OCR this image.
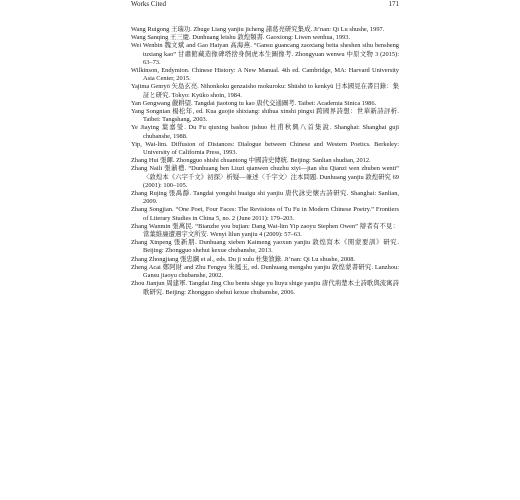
Works Cited	171

Wang Ruigong 王瑞功. Zhuge Liang yanjiu jicheng 諸葛亮研究集成. Ji’nan: Qi Lu shushe, 1997.

Wang Sanqing 王三慶. Dunhuang leishu 敦煌類書. Gaoxiong: Liwen wenhua, 1993.

Wei Wenbin 魏文斌 and Gao Haiyan 高海燕. “Gansu guancang zaoxiang beita sheshen sihu bensheng tuxiang kao” 甘肅館藏造像碑塔捨身飼虎本生圖像考. Zhongyuan wenwu 中原文物 3 (2015): 63–73.

Wilkinson, Endymion. Chinese History: A New Manual. 4th ed. Cambridge, MA: Harvard University Asia Center, 2015.

Yajima Genryō 矢島玄亮. Nihonkoku genzaisho mokuroku: Shūshō to kenkyū 日本國見在書目錄：集証と研究. Tokyo: Kyūko shoin, 1984.

Yan Gengwang 嚴耕望. Tangdai jiaotong tu kao 唐代交通圖考. Taibei: Academia Sinica 1986.

Yang Songnian 楊松年, ed. Kua guojie shixiang: shihua xinshi pingxi 跨國界詩想：世華新詩評析. Taibei: Tangshang, 2003.

Ye Jiaying 葉嘉瑩. Du Fu qiuxing bashou jishuo 杜甫秋興八首集說. Shanghai: Shanghai guji chubanshe, 1988.

Yip, Wai-lim. Diffusion of Distances: Dialogue between Chinese and Western Poetics. Berkeley: University of California Press, 1993.

Zhang Hui 張暉. Zhongguo shishi chuantong 中國詩史傳統. Beijing: Sanlian shudian, 2012.

Zhang Naili 張鼐禮. “Dunhuang ben Liuzi qianwen chuzhu xiyi—jian shu Qianzi wen zhuben wenti” 〈敦煌本《六字千文》初探〉析疑—兼述〈千字文〉注本問題. Dunhuang yanjiu 敦煌研究 69 (2001): 100–105.

Zhang Rujing 張禹靜. Tangdai yongshi huaigu shi yanjiu 唐代詠史懷古詩研究. Shanghai: Sanlian, 2009.

Zhang Songjian. “One Poet, Four Faces: The Revisions of Tu Fu in Modern Chinese Poetry.” Frontiers of Literary Studies in China 5, no. 2 (June 2011): 179–203.

Zhang Wanmin 張萬民. “Bianzhe you bujian: Dang Wai-lim Yip zaoyu Stephen Owen” 辯者有不見：當葉維廉遭遇宇文所安. Wenyi lilun yanjiu 4 (2009): 57–63.

Zhang Xinpeng 張新朋. Dunhuang xieben Kaimeng yaoxun yanjiu 敦煌寫本《開蒙要訓》研究. Beijing: Zhongguo shehui kexue chubanshe, 2013.

Zhang Zhongjiang 張忠綱 et al., eds. Du ji xulu 杜集敘錄. Ji’nan: Qi Lu shushe, 2008.

Zheng Acai 鄭阿財 and Zhu Fengyu 朱鳳玉, ed. Dunhuang mengshu yanjiu 敦煌蒙書研究. Lanzhou: Gansu jiaoyu chubanshe, 2002.

Zhou Jianjun 周建軍. Tangdai Jing Chu bentu shige yu liuyu shige yanjiu 唐代荊楚本土詩歌與流寓詩歌研究. Beijing: Zhongguo shehui kexue chubanshe, 2006.
